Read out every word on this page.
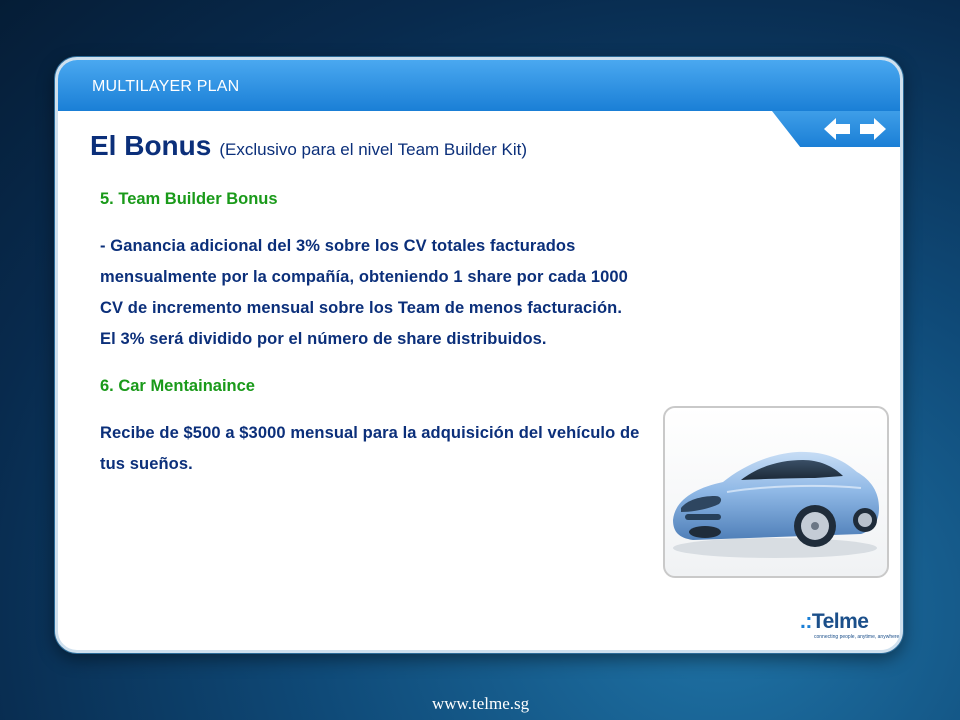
MULTILAYER PLAN
El Bonus (Exclusivo para el nivel Team Builder Kit)

5. Team Builder Bonus

- Ganancia adicional del 3% sobre los CV totales facturados mensualmente por la compañía, obteniendo 1 share por cada 1000 CV de incremento mensual sobre los Team de menos facturación. El 3% será dividido por el número de share distribuidos.

6. Car Mentainaince

Recibe de $500 a $3000 mensual para la adquisición del vehículo de tus sueños.

.:Telme
connecting people, anytime, anywhere
www.telme.sg
